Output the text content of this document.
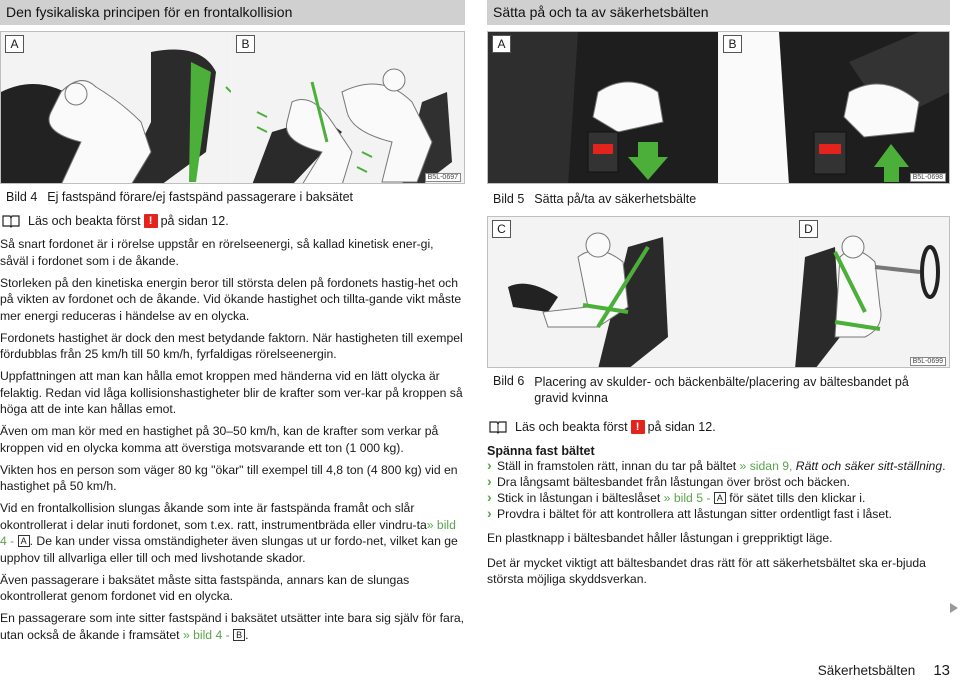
Den fysikaliska principen för en frontalkollision
A	B
B5L-0697
Bild 4 Ej fastspänd förare/ej fastspänd passagerare i baksätet
Läs och beakta först ! på sidan 12.

Så snart fordonet är i rörelse uppstår en rörelseenergi, så kallad kinetisk ener-gi, såväl i fordonet som i de åkande.

Storleken på den kinetiska energin beror till största delen på fordonets hastig-het och på vikten av fordonet och de åkande. Vid ökande hastighet och tillta-gande vikt måste mer energi reduceras i händelse av en olycka.

Fordonets hastighet är dock den mest betydande faktorn. När hastigheten till exempel fördubblas från 25 km/h till 50 km/h, fyrfaldigas rörelseenergin.

Uppfattningen att man kan hålla emot kroppen med händerna vid en lätt olycka är felaktig. Redan vid låga kollisionshastigheter blir de krafter som ver-kar på kroppen så höga att de inte kan hållas emot.

Även om man kör med en hastighet på 30–50 km/h, kan de krafter som verkar på kroppen vid en olycka komma att överstiga motsvarande ett ton (1 000 kg).

Vikten hos en person som väger 80 kg "ökar" till exempel till 4,8 ton (4 800 kg) vid en hastighet på 50 km/h.

Vid en frontalkollision slungas åkande som inte är fastspända framåt och slår okontrollerat i delar inuti fordonet, som t.ex. ratt, instrumentbräda eller vindru-ta» bild 4 - A . De kan under vissa omständigheter även slungas ut ur fordo-net, vilket kan ge upphov till allvarliga eller till och med livshotande skador.

Även passagerare i baksätet måste sitta fastspända, annars kan de slungas okontrollerat genom fordonet vid en olycka.

En passagerare som inte sitter fastspänd i baksätet utsätter inte bara sig själv för fara, utan också de åkande i framsätet » bild 4 - B .

Sätta på och ta av säkerhetsbälten
A	B
B5L-0698
Bild 5 Sätta på/ta av säkerhetsbälte
C	D
B5L-0699
Bild 6 Placering av skulder- och bäckenbälte/placering av bältesbandet på gravid kvinna
Läs och beakta först ! på sidan 12.
Spänna fast bältet
› Ställ in framstolen rätt, innan du tar på bältet » sidan 9, Rätt och säker sitt-ställning.
› Dra långsamt bältesbandet från låstungan över bröst och bäcken.
› Stick in låstungan i bälteslåset » bild 5 - A för sätet tills den klickar i.
› Provdra i bältet för att kontrollera att låstungan sitter ordentligt fast i låset.

En plastknapp i bältesbandet håller låstungan i greppriktigt läge.

Det är mycket viktigt att bältesbandet dras rätt för att säkerhetsbältet ska er-bjuda största möjliga skyddsverkan.

Säkerhetsbälten 13
